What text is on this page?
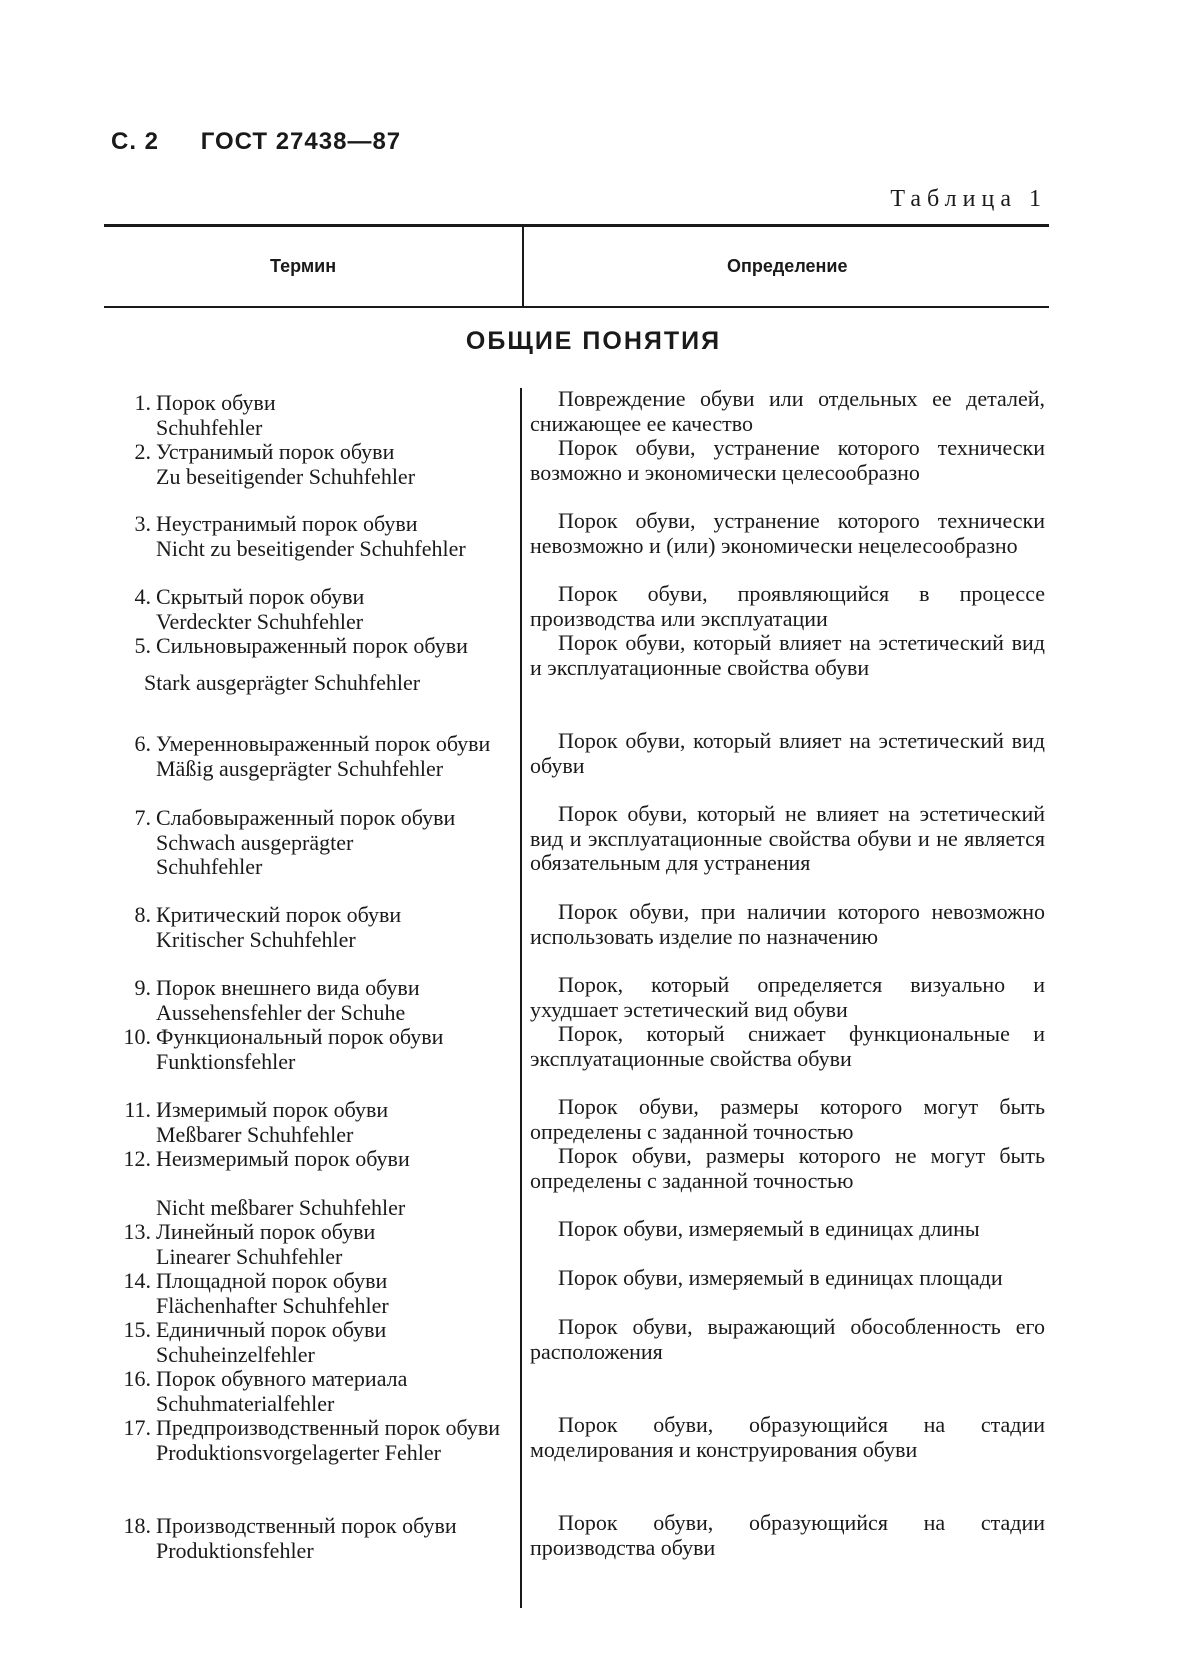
С. 2 ГОСТ 27438—87
Таблица 1
Термин	Определение
ОБЩИЕ ПОНЯТИЯ
1. Порок обуви
Schuhfehler
2. Устранимый порок обуви
Zu beseitigender Schuhfehler
3. Неустранимый порок обуви
Nicht zu beseitigender Schuhfehler
4. Скрытый порок обуви
Verdeckter Schuhfehler
5. Сильновыраженный порок обуви
Stark ausgeprägter Schuhfehler
6. Умеренновыраженный порок обуви
Mäßig ausgeprägter Schuhfehler
7. Слабовыраженный порок обуви
Schwach ausgeprägter Schuhfehler
8. Критический порок обуви
Kritischer Schuhfehler
9. Порок внешнего вида обуви
Aussehensfehler der Schuhe
10. Функциональный порок обуви
Funktionsfehler
11. Измеримый порок обуви
Meßbarer Schuhfehler
12. Неизмеримый порок обуви
Nicht meßbarer Schuhfehler
13. Линейный порок обуви
Linearer Schuhfehler
14. Площадной порок обуви
Flächenhafter Schuhfehler
15. Единичный порок обуви
Schuheinzelfehler
16. Порок обувного материала
Schuhmaterialfehler
17. Предпроизводственный порок обуви
Produktionsvorgelagerter Fehler
18. Производственный порок обуви
Produktionsfehler
Повреждение обуви или отдельных ее деталей, снижающее ее качество
Порок обуви, устранение которого технически возможно и экономически целесообразно
Порок обуви, устранение которого технически невозможно и (или) экономически нецелесообразно
Порок обуви, проявляющийся в процессе производства или эксплуатации
Порок обуви, который влияет на эстетический вид и эксплуатационные свойства обуви
Порок обуви, который влияет на эстетический вид обуви
Порок обуви, который не влияет на эстетический вид и эксплуатационные свойства обуви и не является обязательным для устранения
Порок обуви, при наличии которого невозможно использовать изделие по назначению
Порок, который определяется визуально и ухудшает эстетический вид обуви
Порок, который снижает функциональные и эксплуатационные свойства обуви
Порок обуви, размеры которого могут быть определены с заданной точностью
Порок обуви, размеры которого не могут быть определены с заданной точностью
Порок обуви, измеряемый в единицах длины
Порок обуви, измеряемый в единицах площади
Порок обуви, выражающий обособленность его расположения
Порок обуви, образующийся на стадии моделирования и конструирования обуви
Порок обуви, образующийся на стадии производства обуви
